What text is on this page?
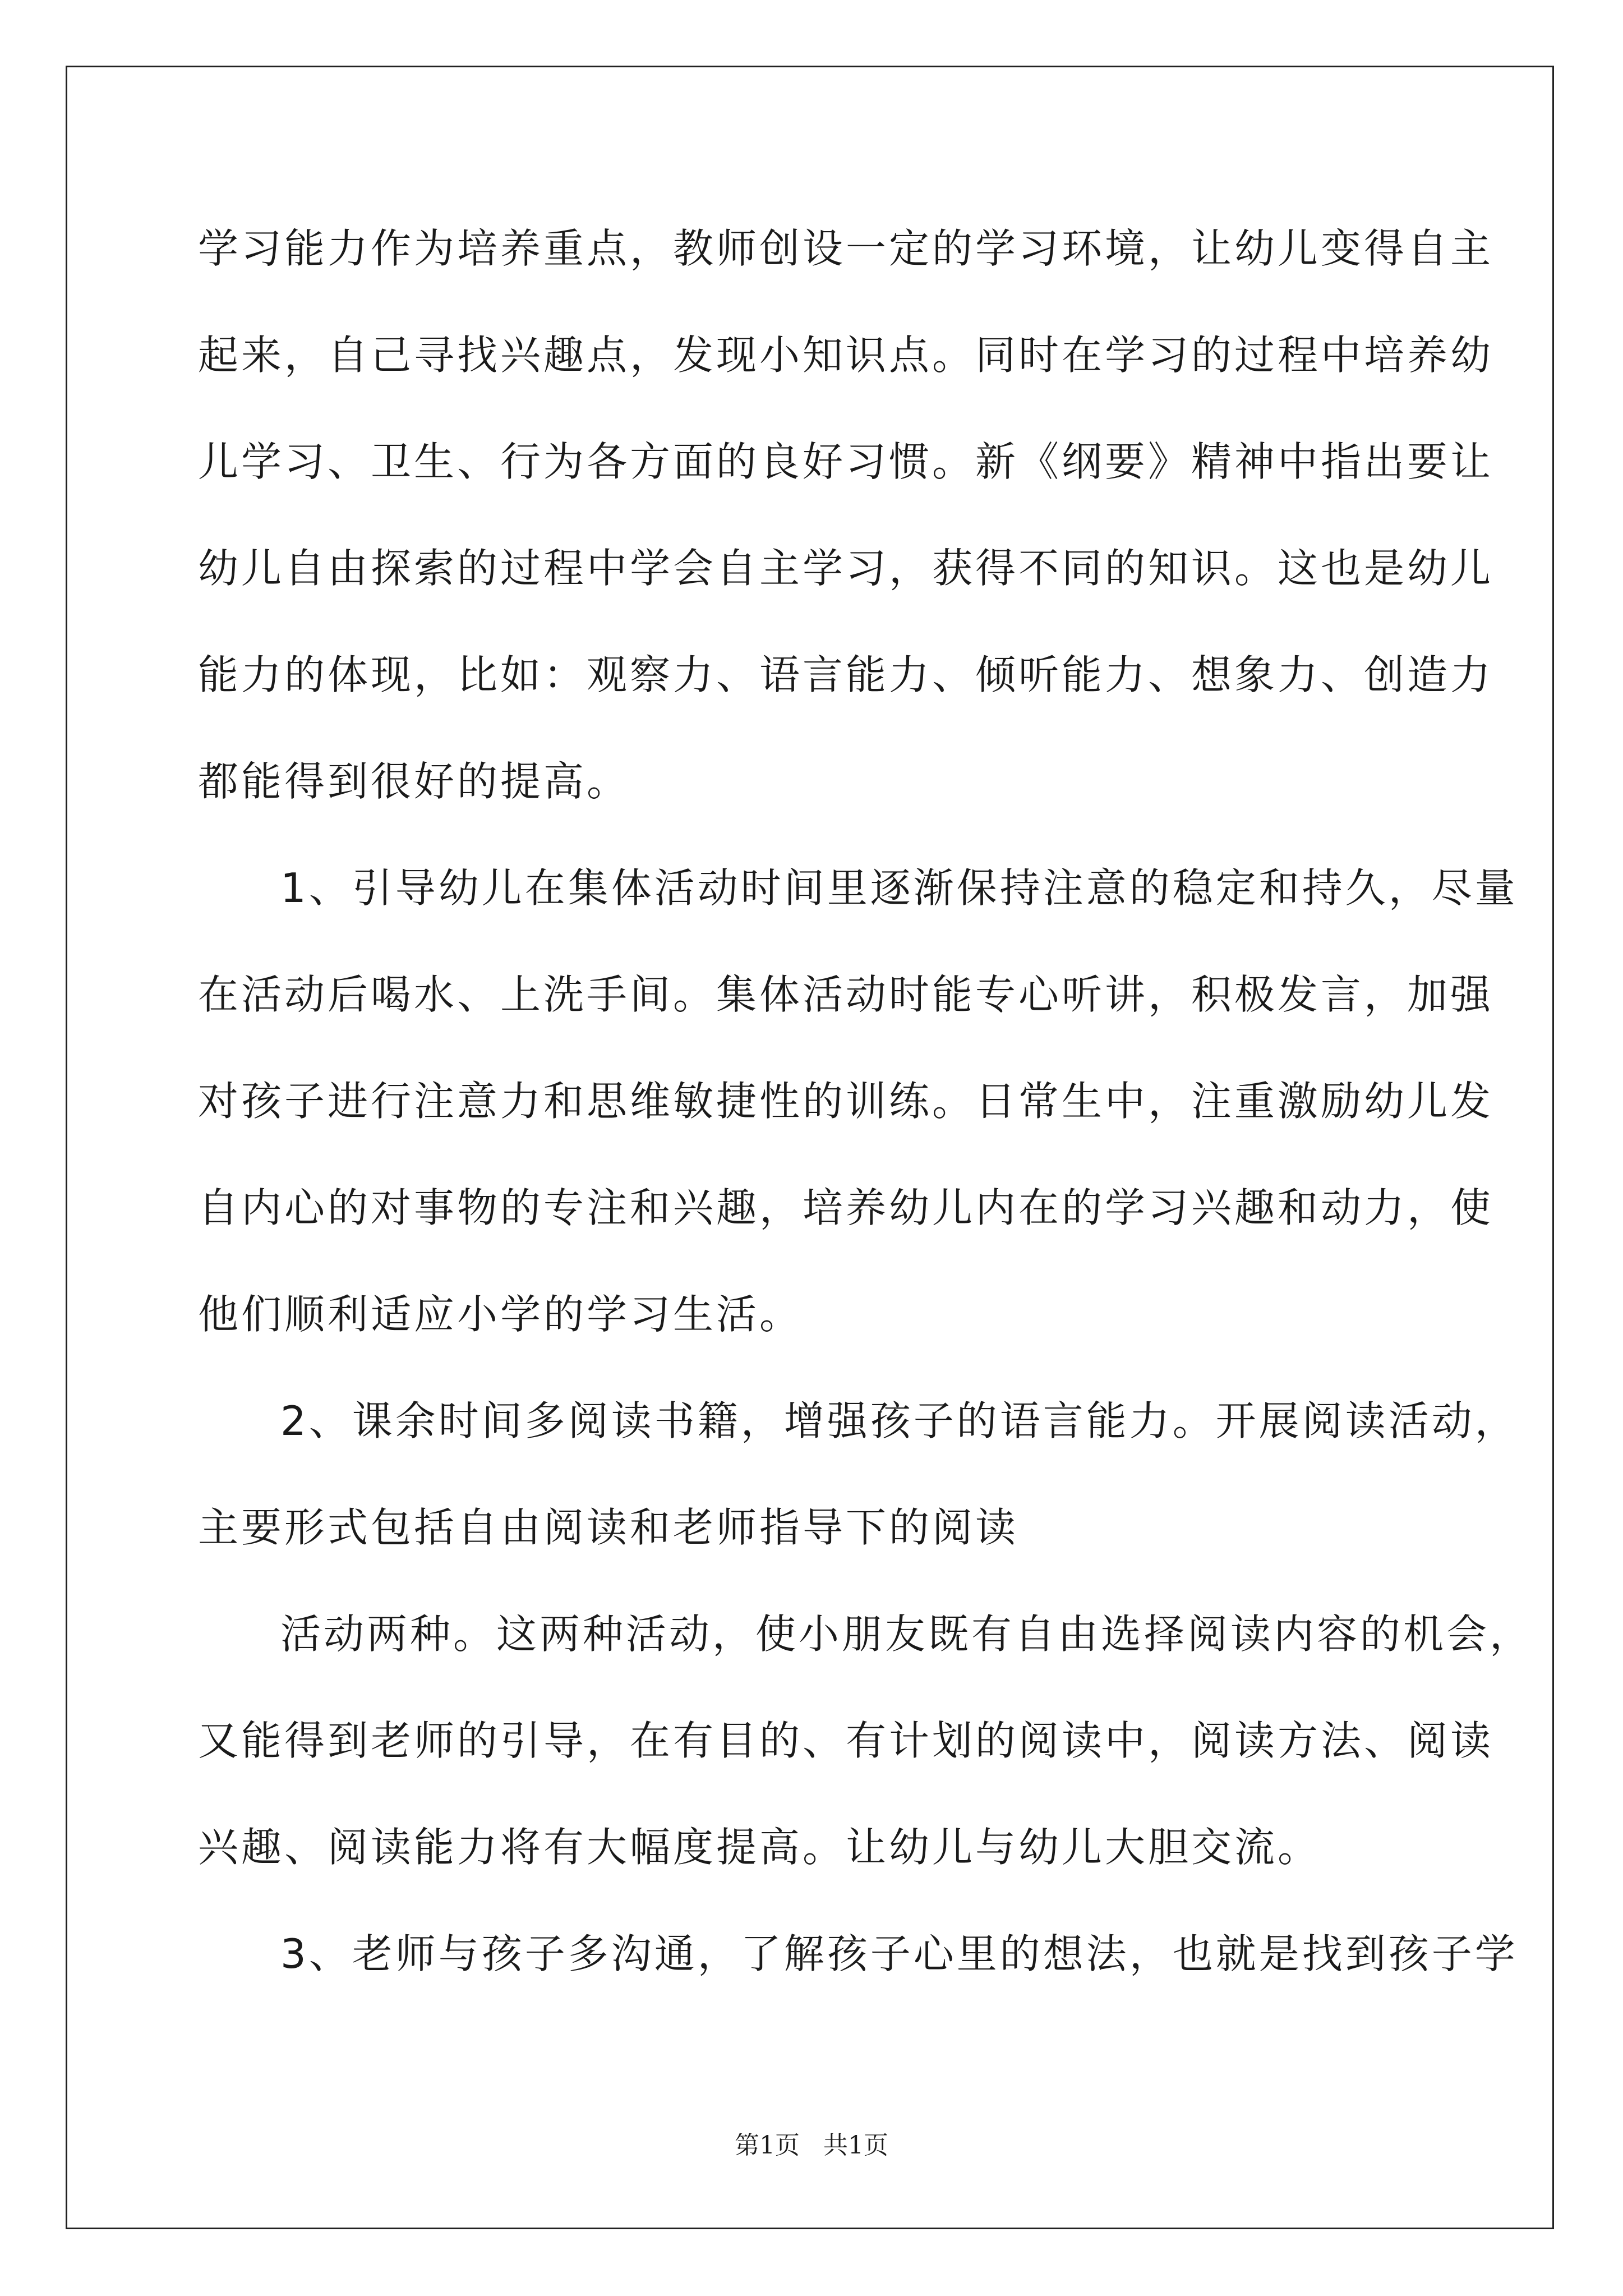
学习能力作为培养重点，教师创设一定的学习环境，让幼儿变得自主
起来，自己寻找兴趣点，发现小知识点。同时在学习的过程中培养幼
儿学习、卫生、行为各方面的良好习惯。新《纲要》精神中指出要让
幼儿自由探索的过程中学会自主学习，获得不同的知识。这也是幼儿
能力的体现，比如：观察力、语言能力、倾听能力、想象力、创造力
都能得到很好的提高。
1、引导幼儿在集体活动时间里逐渐保持注意的稳定和持久，尽量
在活动后喝水、上洗手间。集体活动时能专心听讲，积极发言，加强
对孩子进行注意力和思维敏捷性的训练。日常生中，注重激励幼儿发
自内心的对事物的专注和兴趣，培养幼儿内在的学习兴趣和动力，使
他们顺利适应小学的学习生活。
2、课余时间多阅读书籍，增强孩子的语言能力。开展阅读活动，
主要形式包括自由阅读和老师指导下的阅读
活动两种。这两种活动，使小朋友既有自由选择阅读内容的机会，
又能得到老师的引导，在有目的、有计划的阅读中，阅读方法、阅读
兴趣、阅读能力将有大幅度提高。让幼儿与幼儿大胆交流。
3、老师与孩子多沟通，了解孩子心里的想法，也就是找到孩子学
第1页 共1页
